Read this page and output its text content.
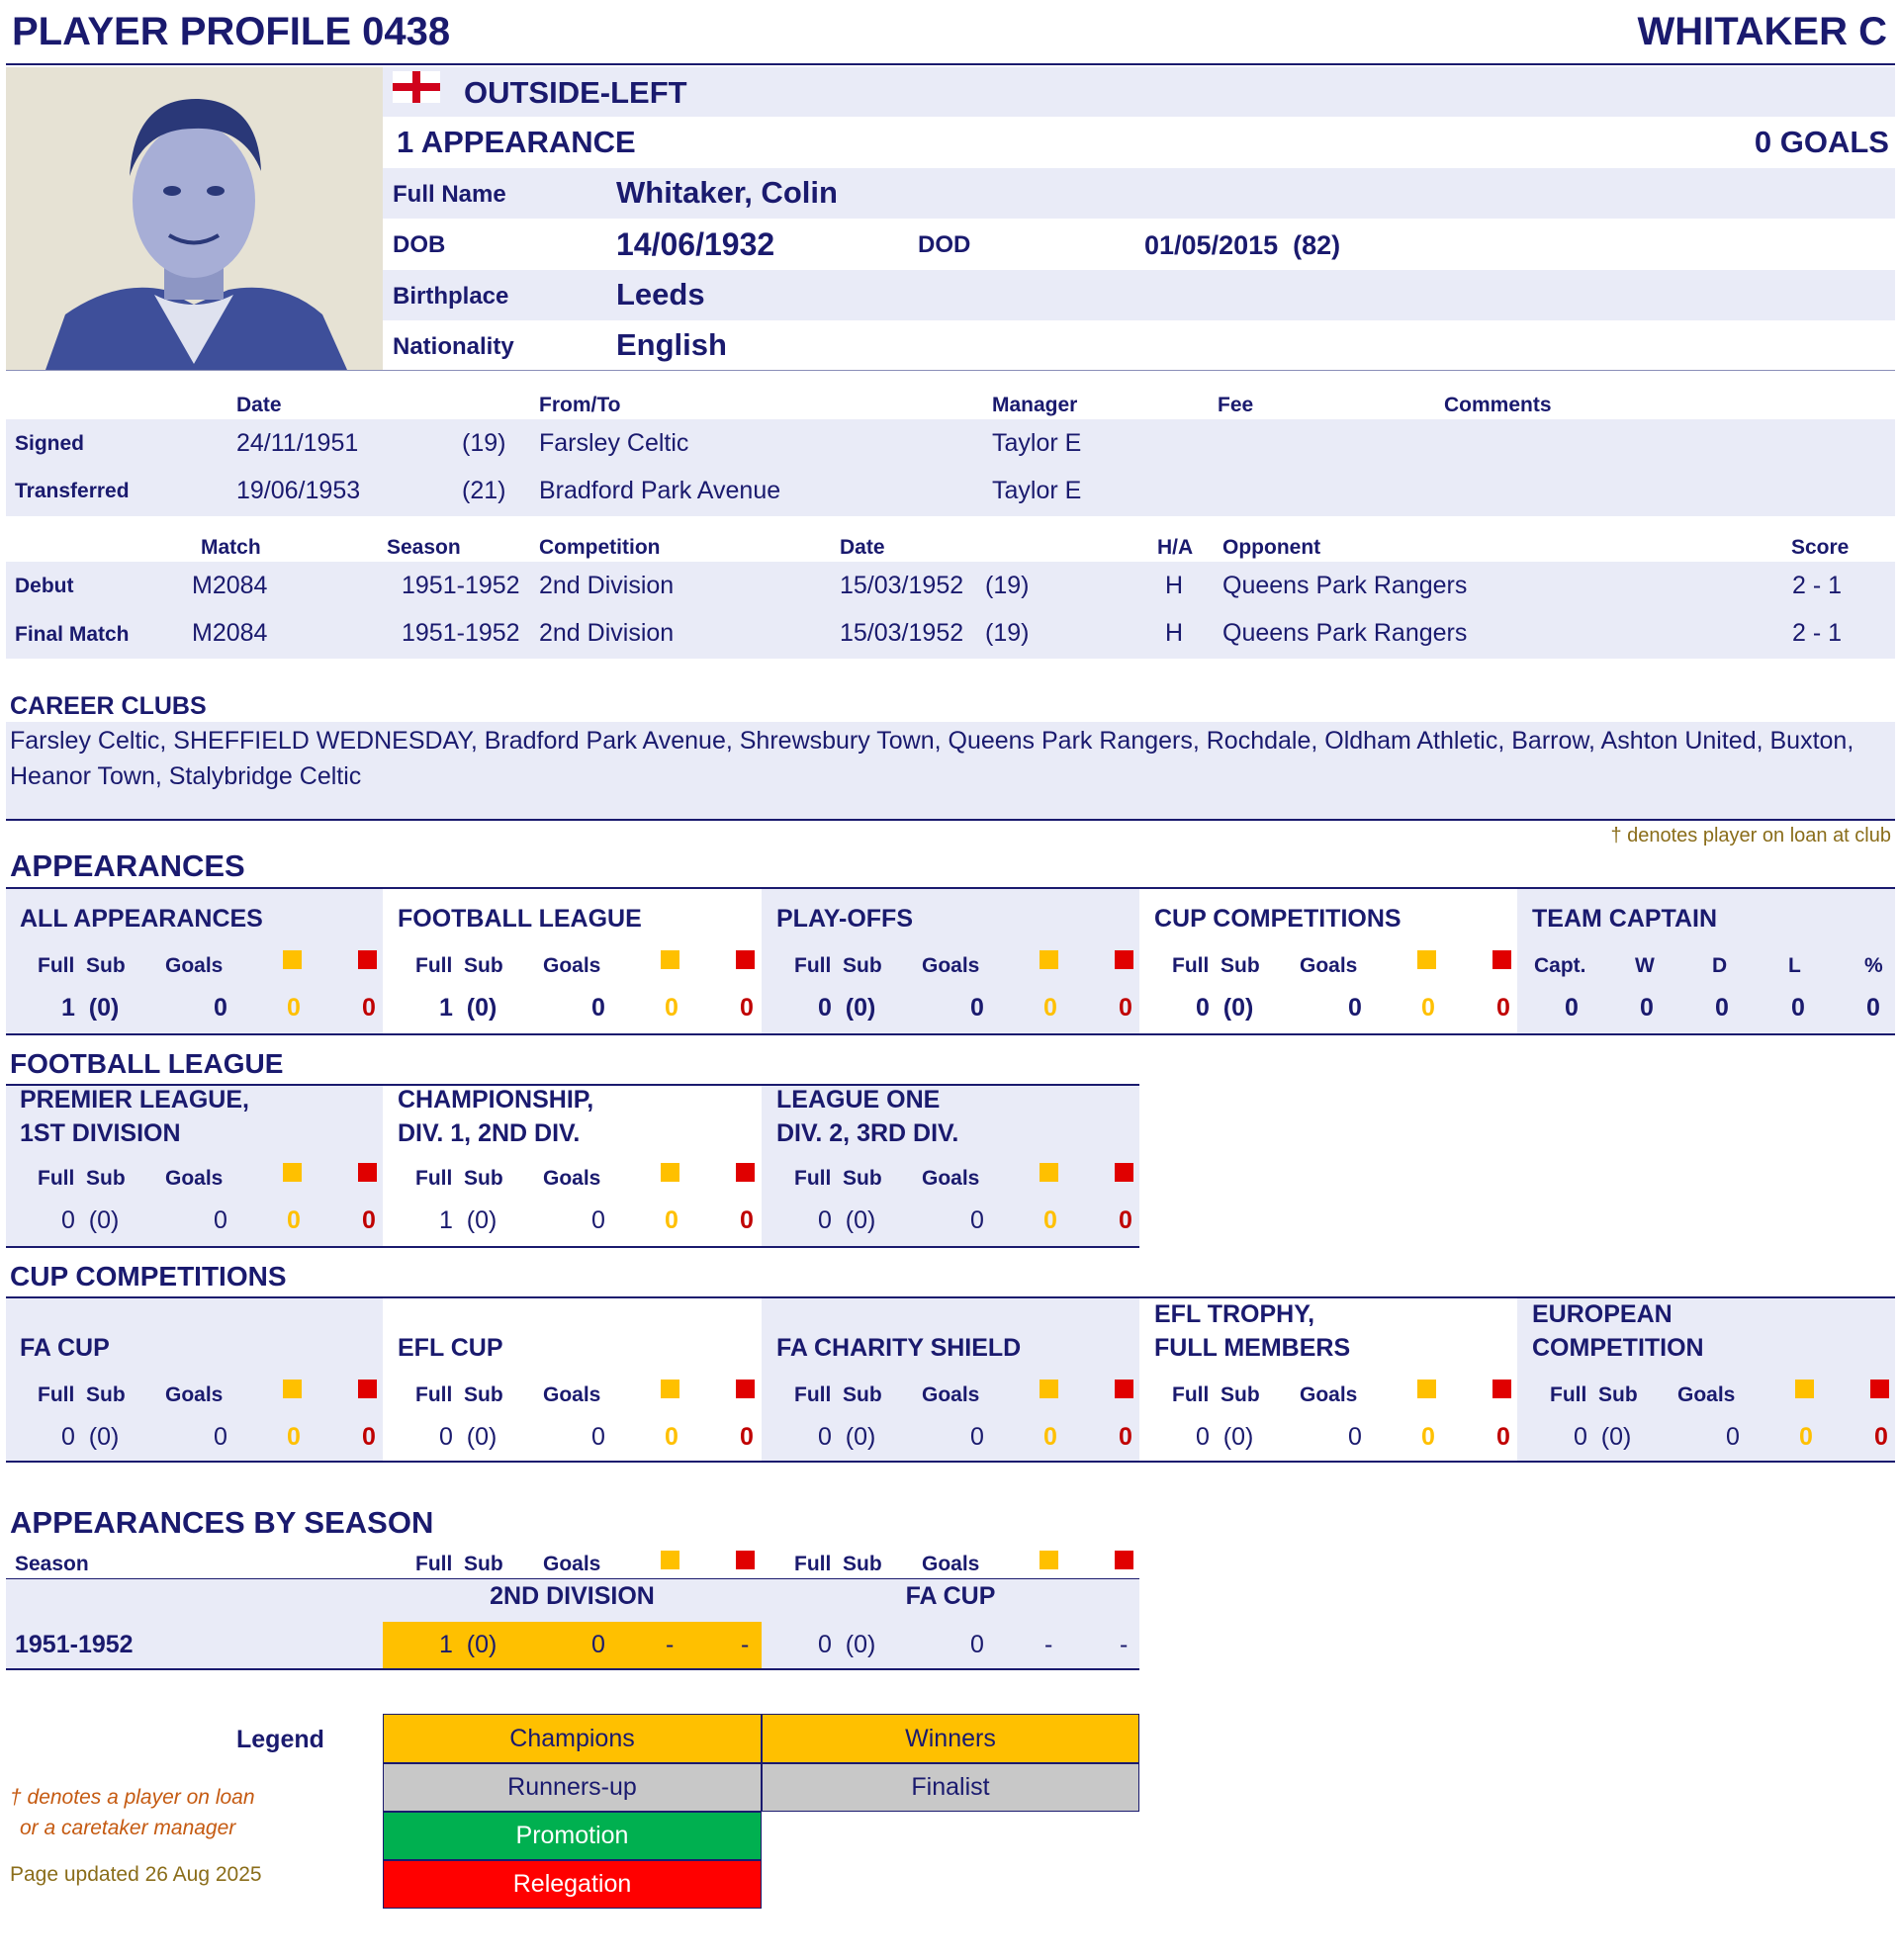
PLAYER PROFILE 0438	WHITAKER C
OUTSIDE-LEFT
1 APPEARANCE	0 GOALS
Full Name	Whitaker, Colin
DOB	14/06/1932	DOD	01/05/2015  (82)
Birthplace	Leeds
Nationality	English
Date	From/To	Manager	Fee	Comments
Signed	24/11/1951	(19) Farsley Celtic	Taylor E
Transferred	19/06/1953	(21) Bradford Park Avenue	Taylor E
Match	Season	Competition	Date	H/A Opponent	Score
Debut	M2084	1951-1952 2nd Division	15/03/1952 (19)	H Queens Park Rangers	2 - 1
Final Match	M2084	1951-1952 2nd Division	15/03/1952 (19)	H Queens Park Rangers	2 - 1
CAREER CLUBS
Farsley Celtic, SHEFFIELD WEDNESDAY, Bradford Park Avenue, Shrewsbury Town, Queens Park Rangers, Rochdale, Oldham Athletic, Barrow, Ashton United, Buxton,
Heanor Town, Stalybridge Celtic
† denotes player on loan at club
APPEARANCES
ALL APPEARANCES
Full  Sub Goals
1  (0)	0 0 0
FOOTBALL LEAGUE
Full  Sub Goals
1  (0)	0 0 0
PLAY-OFFS
Full  Sub Goals
0  (0)	0 0 0
CUP COMPETITIONS
Full  Sub Goals
0  (0)	0 0 0
TEAM CAPTAIN
Capt. W	D	L	%
0 0 0	0 0
FOOTBALL LEAGUE
PREMIER LEAGUE,
1ST DIVISION
Full  Sub Goals
0  (0)	0 0 0
CHAMPIONSHIP,
DIV. 1, 2ND DIV.
Full  Sub Goals
1  (0)	0 0 0
LEAGUE ONE
DIV. 2, 3RD DIV.
Full  Sub Goals
0  (0)	0 0 0
CUP COMPETITIONS
FA CUP
Full  Sub Goals
0  (0)	0 0 0
EFL CUP
Full  Sub Goals
0  (0)	0 0 0
FA CHARITY SHIELD
Full  Sub Goals
0  (0)	0 0 0
EFL TROPHY,
FULL MEMBERS
Full  Sub Goals
0  (0)	0 0 0
EUROPEAN
COMPETITION
Full  Sub Goals
0  (0)	0 0 0
APPEARANCES BY SEASON
Season	Full  Sub Goals	Full  Sub Goals
2ND DIVISION	FA CUP
1951-1952	1  (0)	0 -	-	0  (0)	0 -	-
Legend	Champions	Winners
Runners-up	Finalist
Promotion
Relegation
† denotes a player on loan
or a caretaker manager
Page updated 26 Aug 2025
